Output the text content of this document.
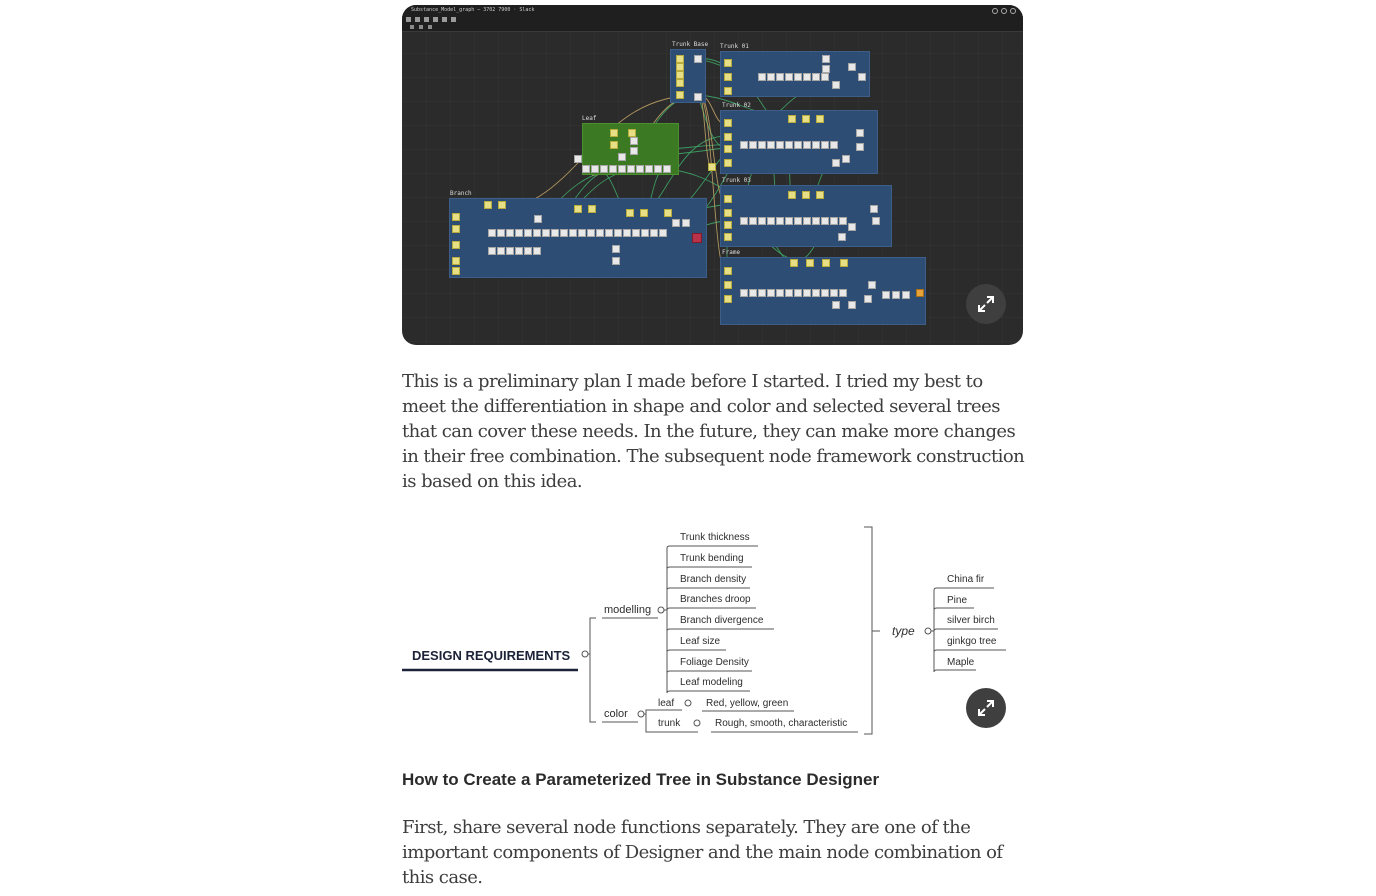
Substance_Model_graph — 3702 7900 · Slack
Trunk Base Trunk 01
Trunk 02
Leaf
Trunk 03
Branch
Frame

This is a preliminary plan I made before I started. I tried my best to meet the differentiation in shape and color and selected several trees that can cover these needs. In the future, they can make more changes in their free combination. The subsequent node framework construction is based on this idea.

DESIGN REQUIREMENTS
modelling
color
Trunk thickness
Trunk bending
Branch density
Branches droop
Branch divergence
Leaf size
Foliage Density
Leaf modeling
leaf	Red, yellow, green
trunk	Rough, smooth, characteristic
type
China fir
Pine
silver birch
ginkgo tree
Maple
How to Create a Parameterized Tree in Substance Designer

First, share several node functions separately. They are one of the important components of Designer and the main node combination of this case.
